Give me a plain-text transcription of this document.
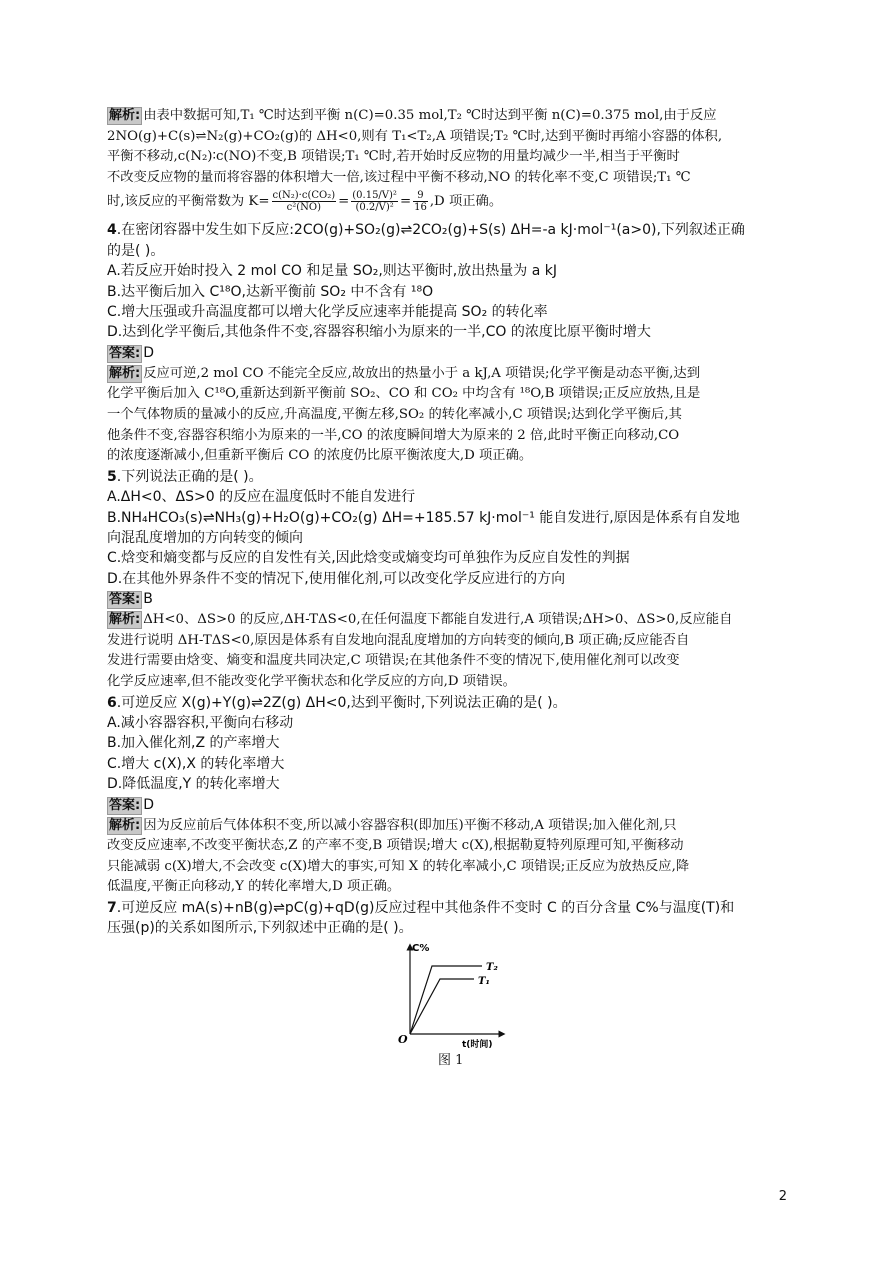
解析: 由表中数据可知,T₁ ℃时达到平衡 n(C)=0.35 mol,T₂ ℃时达到平衡 n(C)=0.375 mol,由于反应

2NO(g)+C(s)⇌N₂(g)+CO₂(g)的 ΔH<0,则有 T₁<T₂,A 项错误;T₂ ℃时,达到平衡时再缩小容器的体积,

平衡不移动,c(N₂)∶c(NO)不变,B 项错误;T₁ ℃时,若开始时反应物的用量均减少一半,相当于平衡时

不改变反应物的量而将容器的体积增大一倍,该过程中平衡不移动,NO 的转化率不变,C 项错误;T₁ ℃

时,该反应的平衡常数为 $K= \frac{\text{c(N₂)·c(CO₂)}}{\text{c²(NO)}} = \frac{\text{(0.15/V)²}}{\text{(0.2/V)²}} = \frac{9}{16} ,D$ 项正确。

4.在密闭容器中发生如下反应:2CO(g)+SO₂(g)⇌2CO₂(g)+S(s) ΔH=-a kJ·mol⁻¹(a>0),下列叙述正确

的是( )。

A.若反应开始时投入 2 mol CO 和足量 SO₂,则达平衡时,放出热量为 a kJ

B.达平衡后加入 C¹⁸O,达新平衡前 SO₂ 中不含有 ¹⁸O

C.增大压强或升高温度都可以增大化学反应速率并能提高 SO₂ 的转化率

D.达到化学平衡后,其他条件不变,容器容积缩小为原来的一半,CO 的浓度比原平衡时增大

答案: D

解析: 反应可逆,2 mol CO 不能完全反应,故放出的热量小于 a kJ,A 项错误;化学平衡是动态平衡,达到

化学平衡后加入 C¹⁸O,重新达到新平衡前 SO₂、CO 和 CO₂ 中均含有 ¹⁸O,B 项错误;正反应放热,且是

一个气体物质的量减小的反应,升高温度,平衡左移,SO₂ 的转化率减小,C 项错误;达到化学平衡后,其

他条件不变,容器容积缩小为原来的一半,CO 的浓度瞬间增大为原来的 2 倍,此时平衡正向移动,CO

的浓度逐渐减小,但重新平衡后 CO 的浓度仍比原平衡浓度大,D 项正确。

5.下列说法正确的是( )。

A.ΔH<0、ΔS>0 的反应在温度低时不能自发进行

B.NH₄HCO₃(s)⇌NH₃(g)+H₂O(g)+CO₂(g) ΔH=+185.57 kJ·mol⁻¹ 能自发进行,原因是体系有自发地

向混乱度增加的方向转变的倾向

C.焓变和熵变都与反应的自发性有关,因此焓变或熵变均可单独作为反应自发性的判据

D.在其他外界条件不变的情况下,使用催化剂,可以改变化学反应进行的方向

答案: B

解析: ΔH<0、ΔS>0 的反应,ΔH-TΔS<0,在任何温度下都能自发进行,A 项错误;ΔH>0、ΔS>0,反应能自

发进行说明 ΔH-TΔS<0,原因是体系有自发地向混乱度增加的方向转变的倾向,B 项正确;反应能否自

发进行需要由焓变、熵变和温度共同决定,C 项错误;在其他条件不变的情况下,使用催化剂可以改变

化学反应速率,但不能改变化学平衡状态和化学反应的方向,D 项错误。

6.可逆反应 X(g)+Y(g)⇌2Z(g) ΔH<0,达到平衡时,下列说法正确的是( )。

A.减小容器容积,平衡向右移动

B.加入催化剂,Z 的产率增大

C.增大 c(X),X 的转化率增大

D.降低温度,Y 的转化率增大

答案: D

解析: 因为反应前后气体体积不变,所以减小容器容积(即加压)平衡不移动,A 项错误;加入催化剂,只

改变反应速率,不改变平衡状态,Z 的产率不变,B 项错误;增大 c(X),根据勒夏特列原理可知,平衡移动

只能减弱 c(X)增大,不会改变 c(X)增大的事实,可知 X 的转化率减小,C 项错误;正反应为放热反应,降

低温度,平衡正向移动,Y 的转化率增大,D 项正确。

7.可逆反应 mA(s)+nB(g)⇌pC(g)+qD(g)反应过程中其他条件不变时 C 的百分含量 C%与温度(T)和

压强(p)的关系如图所示,下列叙述中正确的是( )。

C%
T₂
T₁
O	t(时间)
图 1
2
